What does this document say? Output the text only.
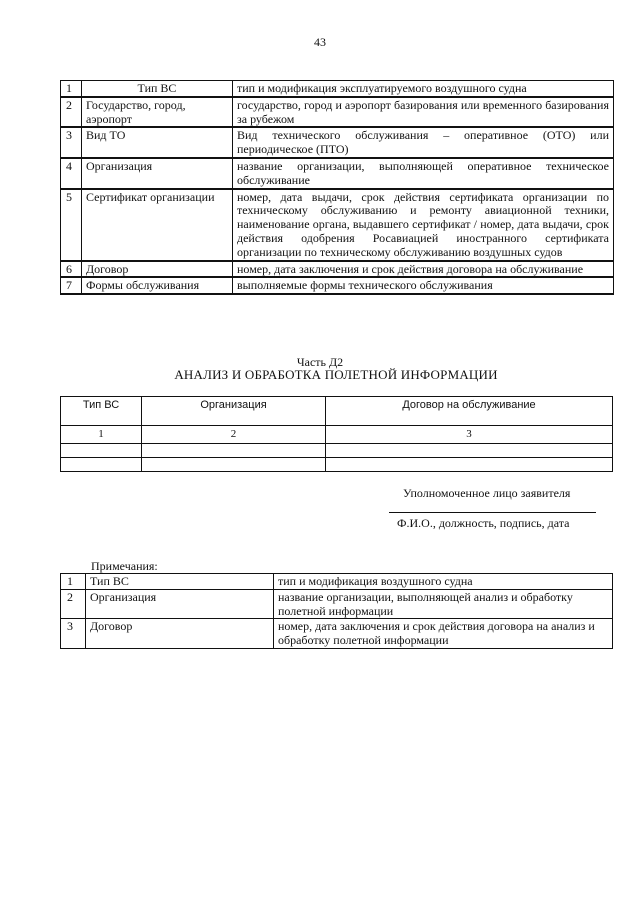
43
1	Тип ВС	тип и модификация эксплуатируемого воздушного судна
2	Государство, город, аэропорт	государство, город и аэропорт базирования или временного базирования за рубежом
3	Вид ТО	Вид технического обслуживания – оперативное (ОТО) или периодическое (ПТО)
4	Организация	название организации, выполняющей оперативное техническое обслуживание
5	Сертификат организации	номер, дата выдачи, срок действия сертификата организации по техническому обслуживанию и ремонту авиационной техники, наименование органа, выдавшего сертификат / номер, дата выдачи, срок действия одобрения Росавиацией иностранного сертификата организации по техническому обслуживанию воздушных судов
6	Договор	номер, дата заключения и срок действия договора на обслуживание
7	Формы обслуживания	выполняемые формы технического обслуживания
Часть Д2
АНАЛИЗ И ОБРАБОТКА ПОЛЕТНОЙ ИНФОРМАЦИИ
Тип ВС	Организация	Договор на обслуживание
1	2	3

Уполномоченное лицо заявителя
Ф.И.О., должность, подпись, дата
Примечания:
1	Тип ВС	тип и модификация воздушного судна
2	Организация	название организации, выполняющей анализ и обработку полетной информации
3	Договор	номер, дата заключения и срок действия договора на анализ и обработку полетной информации
